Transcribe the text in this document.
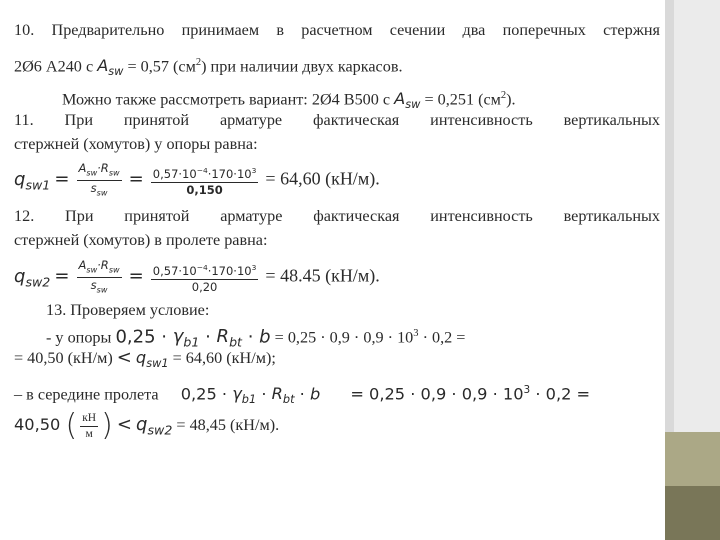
10. Предварительно принимаем в расчетном сечении два поперечных стержня
2Ø6 А240 с $A_{sw} = 0,57$ $(см^2)$ при наличии двух каркасов.
Можно также рассмотреть вариант: 2Ø4 В500 с $A_{sw} = 0,251$ $(см^2)$.
11. При принятой арматуре фактическая интенсивность вертикальных
стержней (хомутов) у опоры равна:
$q_{sw1} = \frac{A_{sw}\cdot R_{sw}}{s_{sw}} = \frac{0,57\cdot 10^{-4}\cdot 170\cdot 10^3}{0,150} = 64,60$ (кН/м).
12. При принятой арматуре фактическая интенсивность вертикальных
стержней (хомутов) в пролете равна:
$q_{sw2} = \frac{A_{sw}\cdot R_{sw}}{s_{sw}} = \frac{0,57\cdot 10^{-4}\cdot 170\cdot 10^3}{0,20} = 48.45$ (кН/м).
13. Проверяем условие:
- у опоры $0,25 \cdot \gamma_{b1} \cdot R_{bt} \cdot b = 0,25 \cdot 0,9 \cdot 0,9 \cdot 10^3 \cdot 0,2$ =
= 40,50 $(кН/м) < q_{sw1} = 64,60$ (кН/м);
– в середине пролета $0,25 \cdot \gamma_{b1} \cdot R_{bt} \cdot b = 0,25 \cdot 0,9 \cdot 0,9 \cdot 10^3 \cdot 0,2$ =
40,50 ( $\frac{кН}{м}$ ) < $q_{sw2} = 48,45$ (кН/м).
